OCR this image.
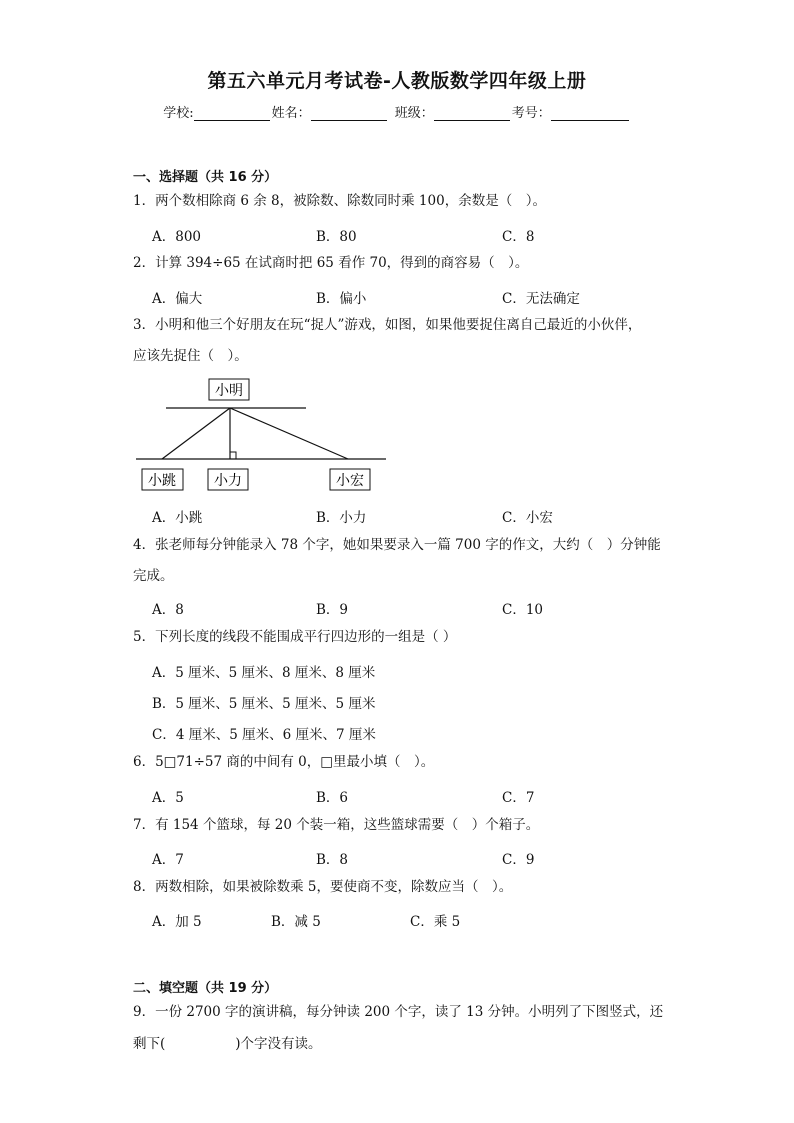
第五六单元月考试卷-人教版数学四年级上册
学校:	姓名：	班级：	考号：
一、选择题（共 16 分）
1．两个数相除商 6 余 8，被除数、除数同时乘 100，余数是（　）。
A．800	B．80	C．8
2．计算 394÷65 在试商时把 65 看作 70，得到的商容易（　）。
A．偏大	B．偏小	C．无法确定
3．小明和他三个好朋友在玩“捉人”游戏，如图，如果他要捉住离自己最近的小伙伴，
应该先捉住（　）。
小明
小跳	小力	小宏
A．小跳	B．小力	C．小宏
4．张老师每分钟能录入 78 个字，她如果要录入一篇 700 字的作文，大约（　）分钟能
完成。
A．8	B．9	C．10
5．下列长度的线段不能围成平行四边形的一组是（ ）
A．5 厘米、5 厘米、8 厘米、8 厘米
B．5 厘米、5 厘米、5 厘米、5 厘米
C．4 厘米、5 厘米、6 厘米、7 厘米
6．5□71÷57 商的中间有 0，□里最小填（　）。
A．5	B．6	C．7
7．有 154 个篮球，每 20 个装一箱，这些篮球需要（　）个箱子。
A．7	B．8	C．9
8．两数相除，如果被除数乘 5，要使商不变，除数应当（　）。
A．加 5	B．减 5	C．乘 5
二、填空题（共 19 分）
9．一份 2700 字的演讲稿，每分钟读 200 个字，读了 13 分钟。小明列了下图竖式，还
剩下(	)个字没有读。
